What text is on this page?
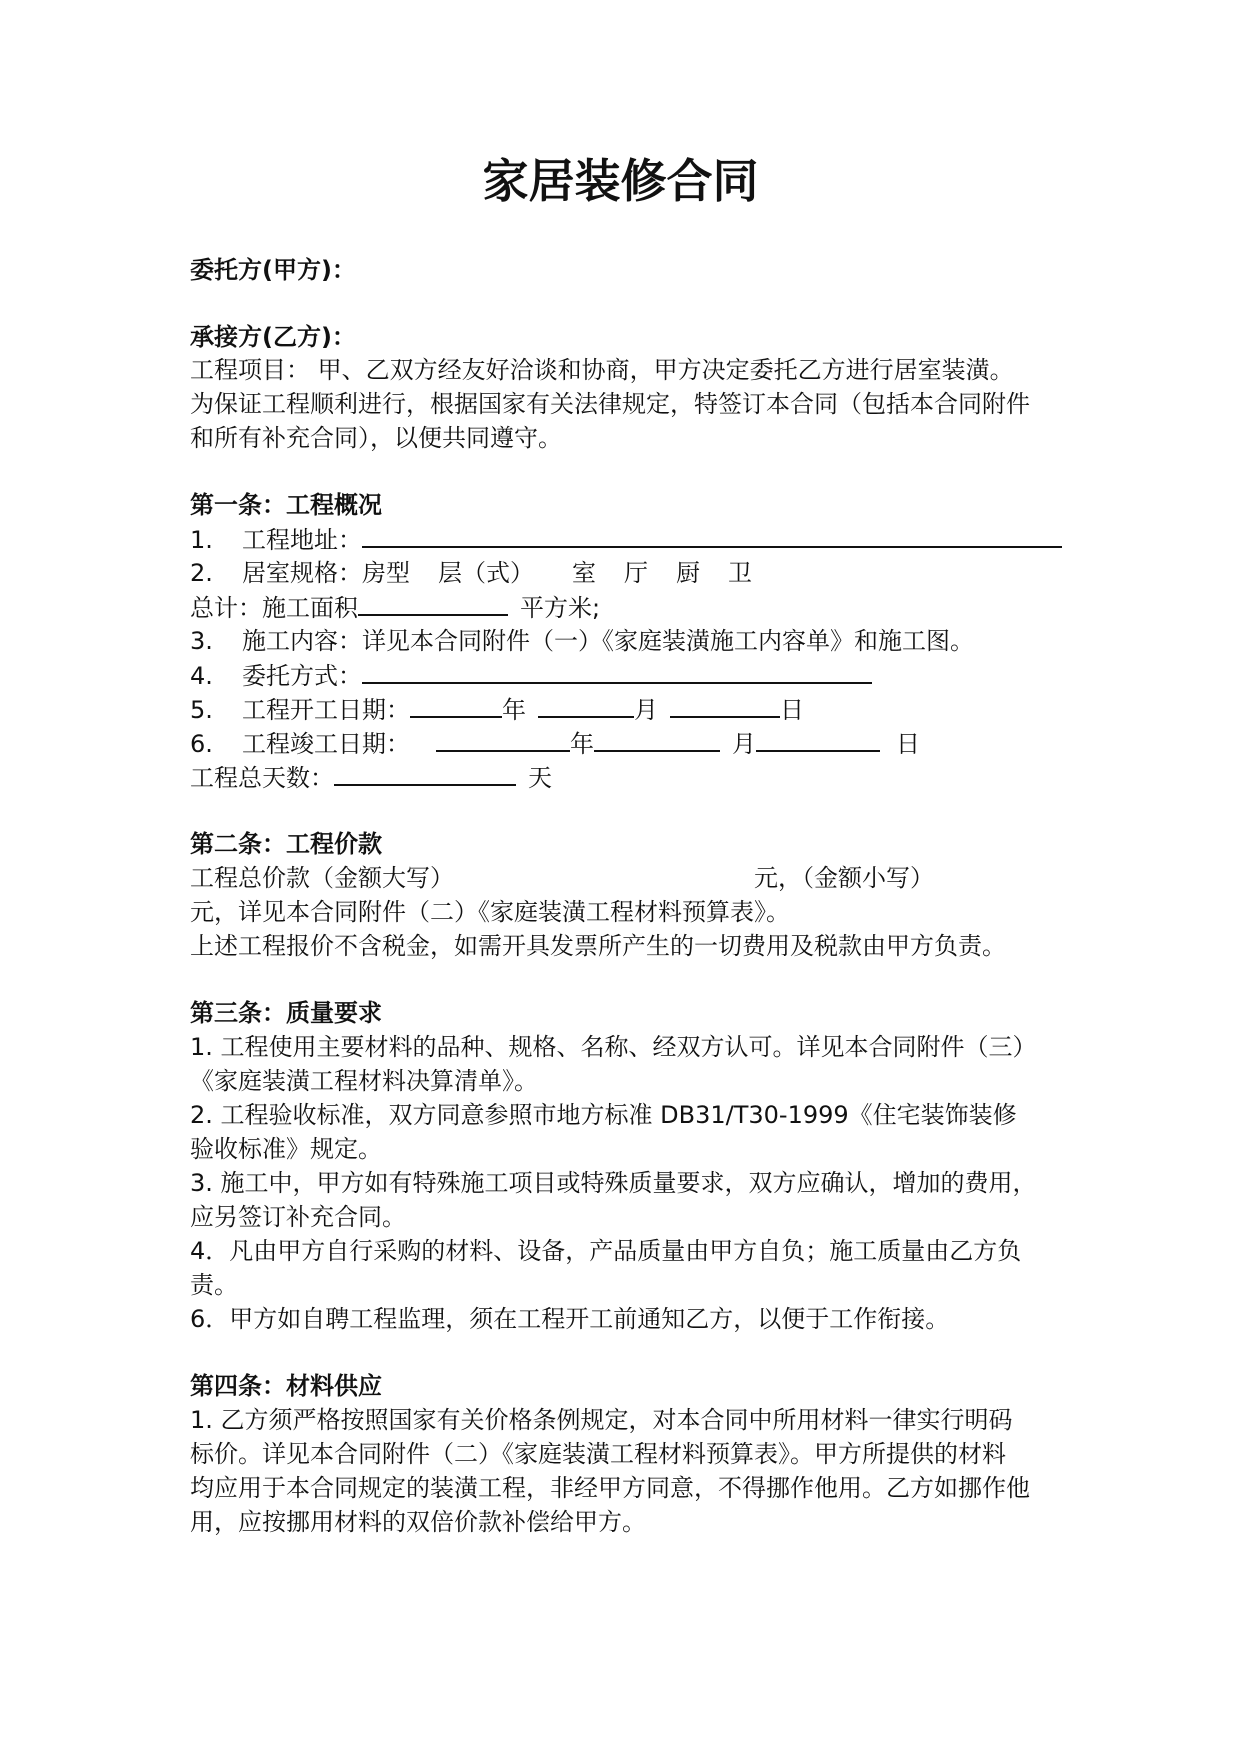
家居装修合同
委托方(甲方)：
承接方(乙方)：
工程项目： 甲、乙双方经友好洽谈和协商，甲方决定委托乙方进行居室装潢。
为保证工程顺利进行，根据国家有关法律规定，特签订本合同（包括本合同附件
和所有补充合同），以便共同遵守。
第一条：工程概况
1. 工程地址：
2. 居室规格：房型 层（式） 室 厅 厨 卫
总计：施工面积	平方米;
3. 施工内容：详见本合同附件（一）《家庭装潢施工内容单》和施工图。
4. 委托方式：
5. 工程开工日期：	年	月	日
6. 工程竣工日期：	年	月	日
工程总天数：	天
第二条：工程价款
工程总价款（金额大写）	元，（金额小写）
元，详见本合同附件（二）《家庭装潢工程材料预算表》。
上述工程报价不含税金，如需开具发票所产生的一切费用及税款由甲方负责。
第三条：质量要求
1. 工程使用主要材料的品种、规格、名称、经双方认可。详见本合同附件（三）
《家庭装潢工程材料决算清单》。
2. 工程验收标准，双方同意参照市地方标准 DB31/T30-1999《住宅装饰装修
验收标准》规定。
3. 施工中，甲方如有特殊施工项目或特殊质量要求，双方应确认，增加的费用，
应另签订补充合同。
4．凡由甲方自行采购的材料、设备，产品质量由甲方自负；施工质量由乙方负
责。
6．甲方如自聘工程监理，须在工程开工前通知乙方，以便于工作衔接。
第四条：材料供应
1. 乙方须严格按照国家有关价格条例规定，对本合同中所用材料一律实行明码
标价。详见本合同附件（二）《家庭装潢工程材料预算表》。甲方所提供的材料
均应用于本合同规定的装潢工程，非经甲方同意，不得挪作他用。乙方如挪作他
用，应按挪用材料的双倍价款补偿给甲方。
